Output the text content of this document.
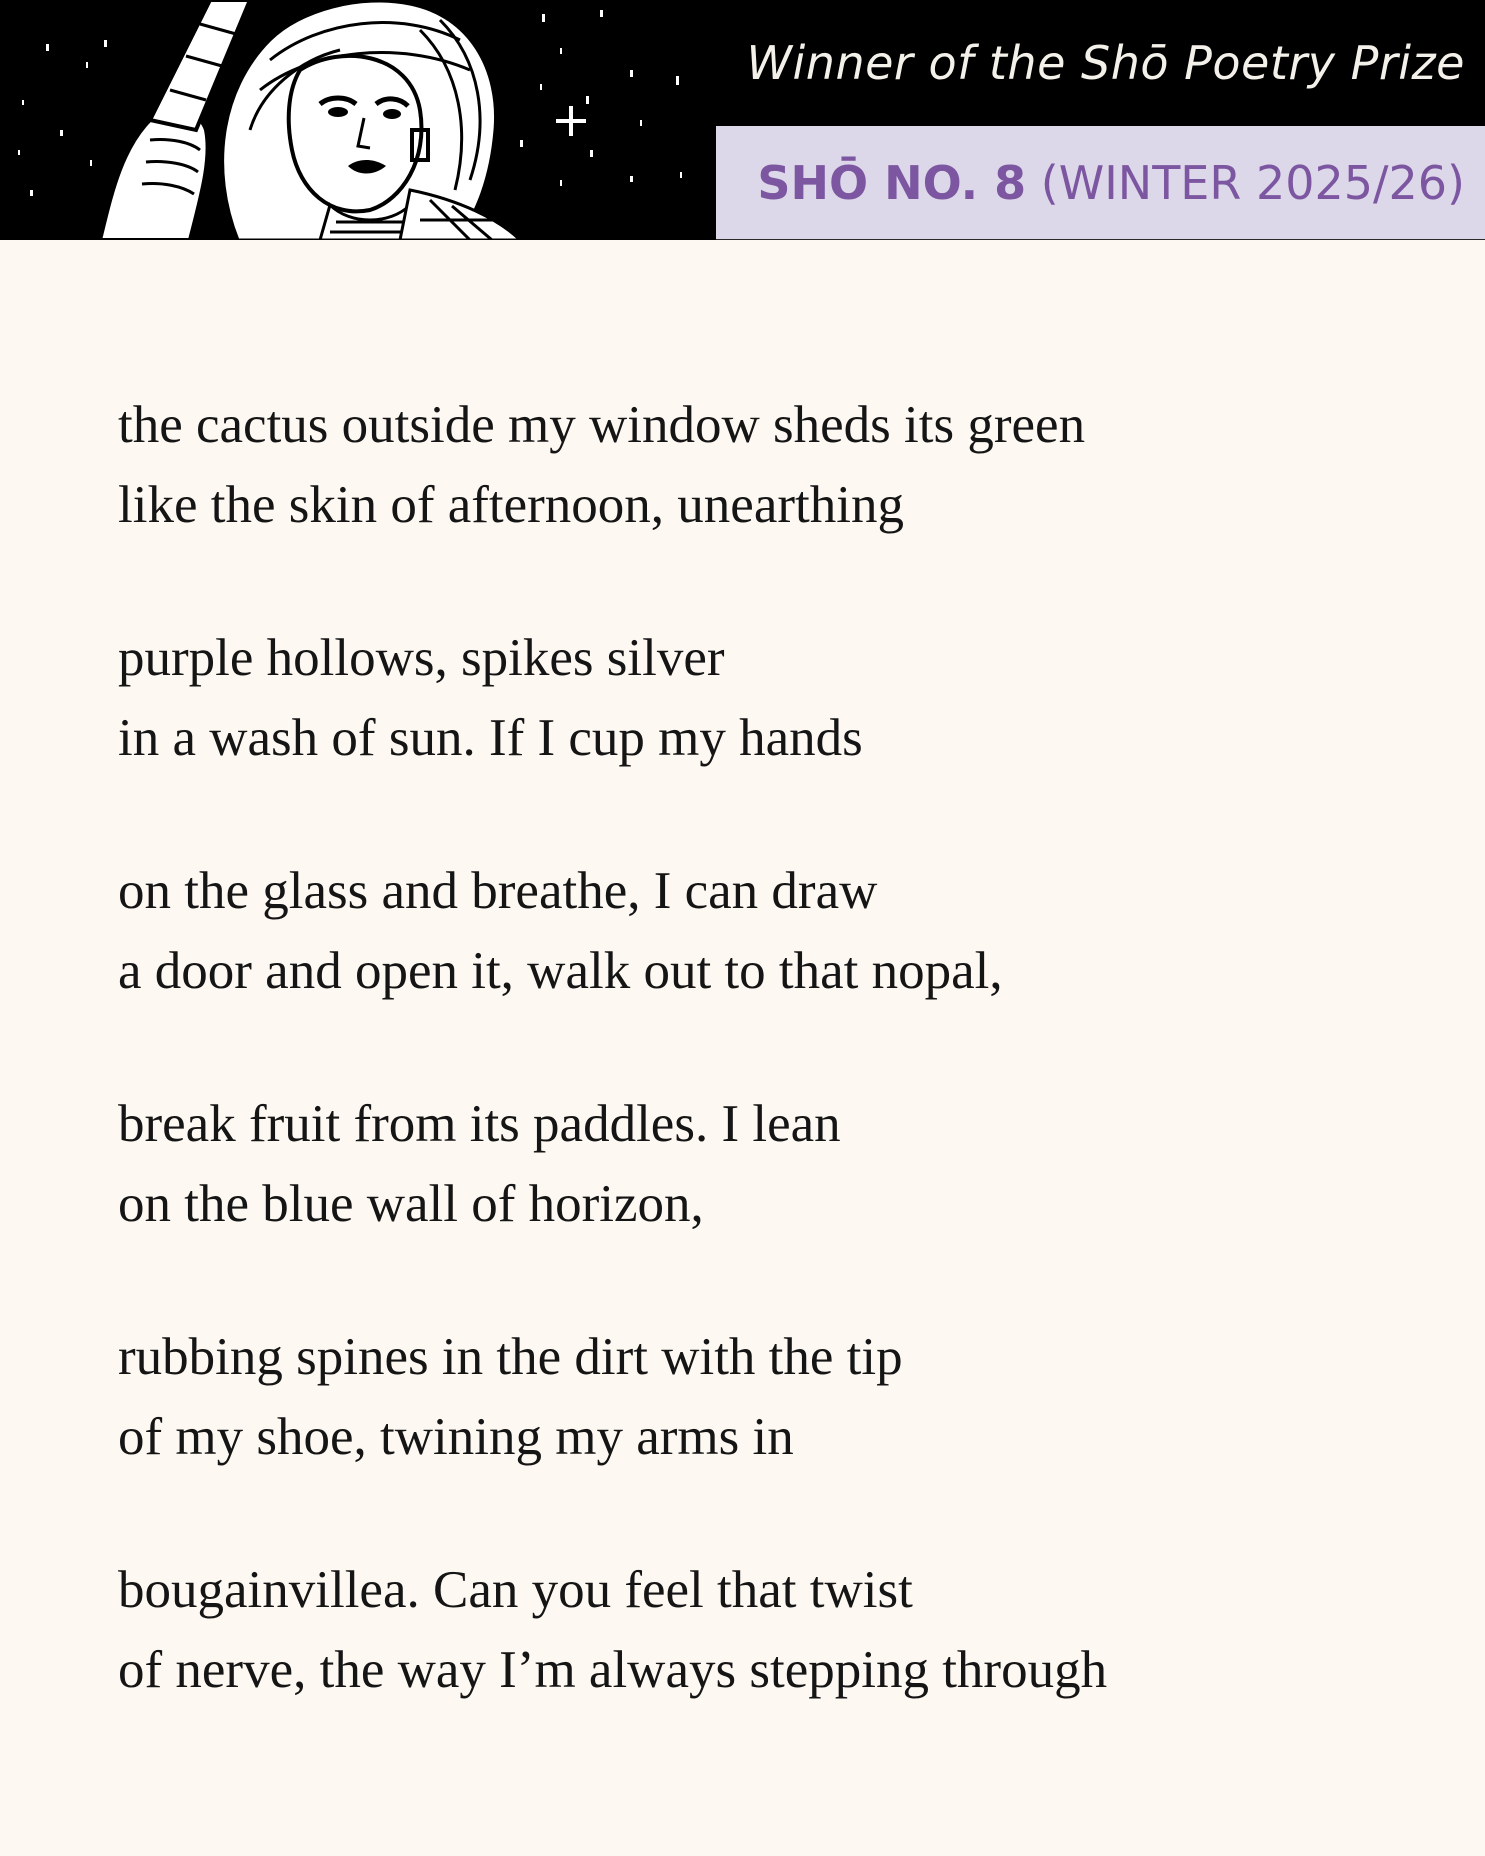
Winner of the Shō Poetry Prize
SHŌ NO. 8
(WINTER 2025/26)
the cactus outside my window sheds its green
like the skin of afternoon, unearthing
purple hollows, spikes silver
in a wash of sun. If I cup my hands
on the glass and breathe, I can draw
a door and open it, walk out to that nopal,
break fruit from its paddles. I lean
on the blue wall of horizon,
rubbing spines in the dirt with the tip
of my shoe, twining my arms in
bougainvillea. Can you feel that twist
of nerve, the way I’m always stepping through
